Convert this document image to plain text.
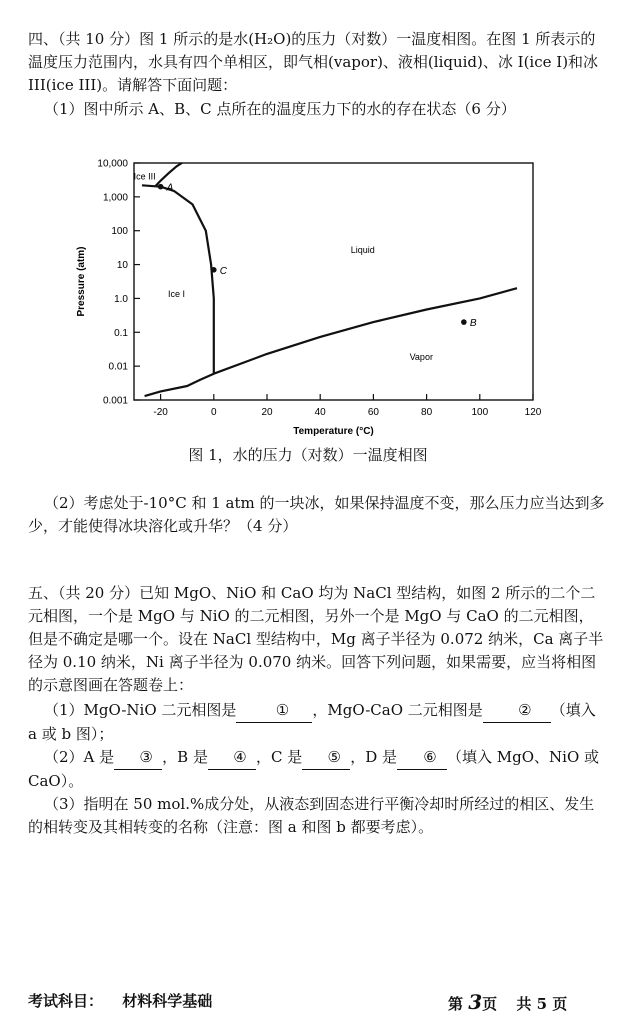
四、（共 10 分）图 1 所示的是水(H₂O)的压力（对数）一温度相图。在图 1 所表示的温度压力范围内，水具有四个单相区，即气相(vapor)、液相(liquid)、冰 I(ice I)和冰 III(ice III)。请解答下面问题：

（1）图中所示 A、B、C 点所在的温度压力下的水的存在状态（6 分）

-20	0	20	40	60	80	100	120
0.001
0.01
0.1
1.0
10
100
1,000
10,000
Temperature (°C)
Pressure (atm)
Ice III
Liquid
Ice I
Vapor
A
B
C

图 1，水的压力（对数）一温度相图

（2）考虑处于-10°C 和 1 atm 的一块冰，如果保持温度不变，那么压力应当达到多少，才能使得冰块溶化或升华？（4 分）

五、（共 20 分）已知 MgO、NiO 和 CaO 均为 NaCl 型结构，如图 2 所示的二个二元相图，一个是 MgO 与 NiO 的二元相图，另外一个是 MgO 与 CaO 的二元相图，但是不确定是哪一个。设在 NaCl 型结构中，Mg 离子半径为 0.072 纳米，Ca 离子半径为 0.10 纳米，Ni 离子半径为 0.070 纳米。回答下列问题，如果需要，应当将相图的示意图画在答题卷上：

（1）MgO-NiO 二元相图是	① ，MgO-CaO 二元相图是 ② （填入 a 或 b 图）；

（2）A 是 ③ ，B 是 ④ ，C 是 ⑤ ，D 是 ⑥ （填入 MgO、NiO 或 CaO）。

（3）指明在 50 mol.%成分处，从液态到固态进行平衡冷却时所经过的相区、发生的相转变及其相转变的名称（注意：图 a 和图 b 都要考虑）。

考试科目： 材料科学基础	第 3页 共 5 页
